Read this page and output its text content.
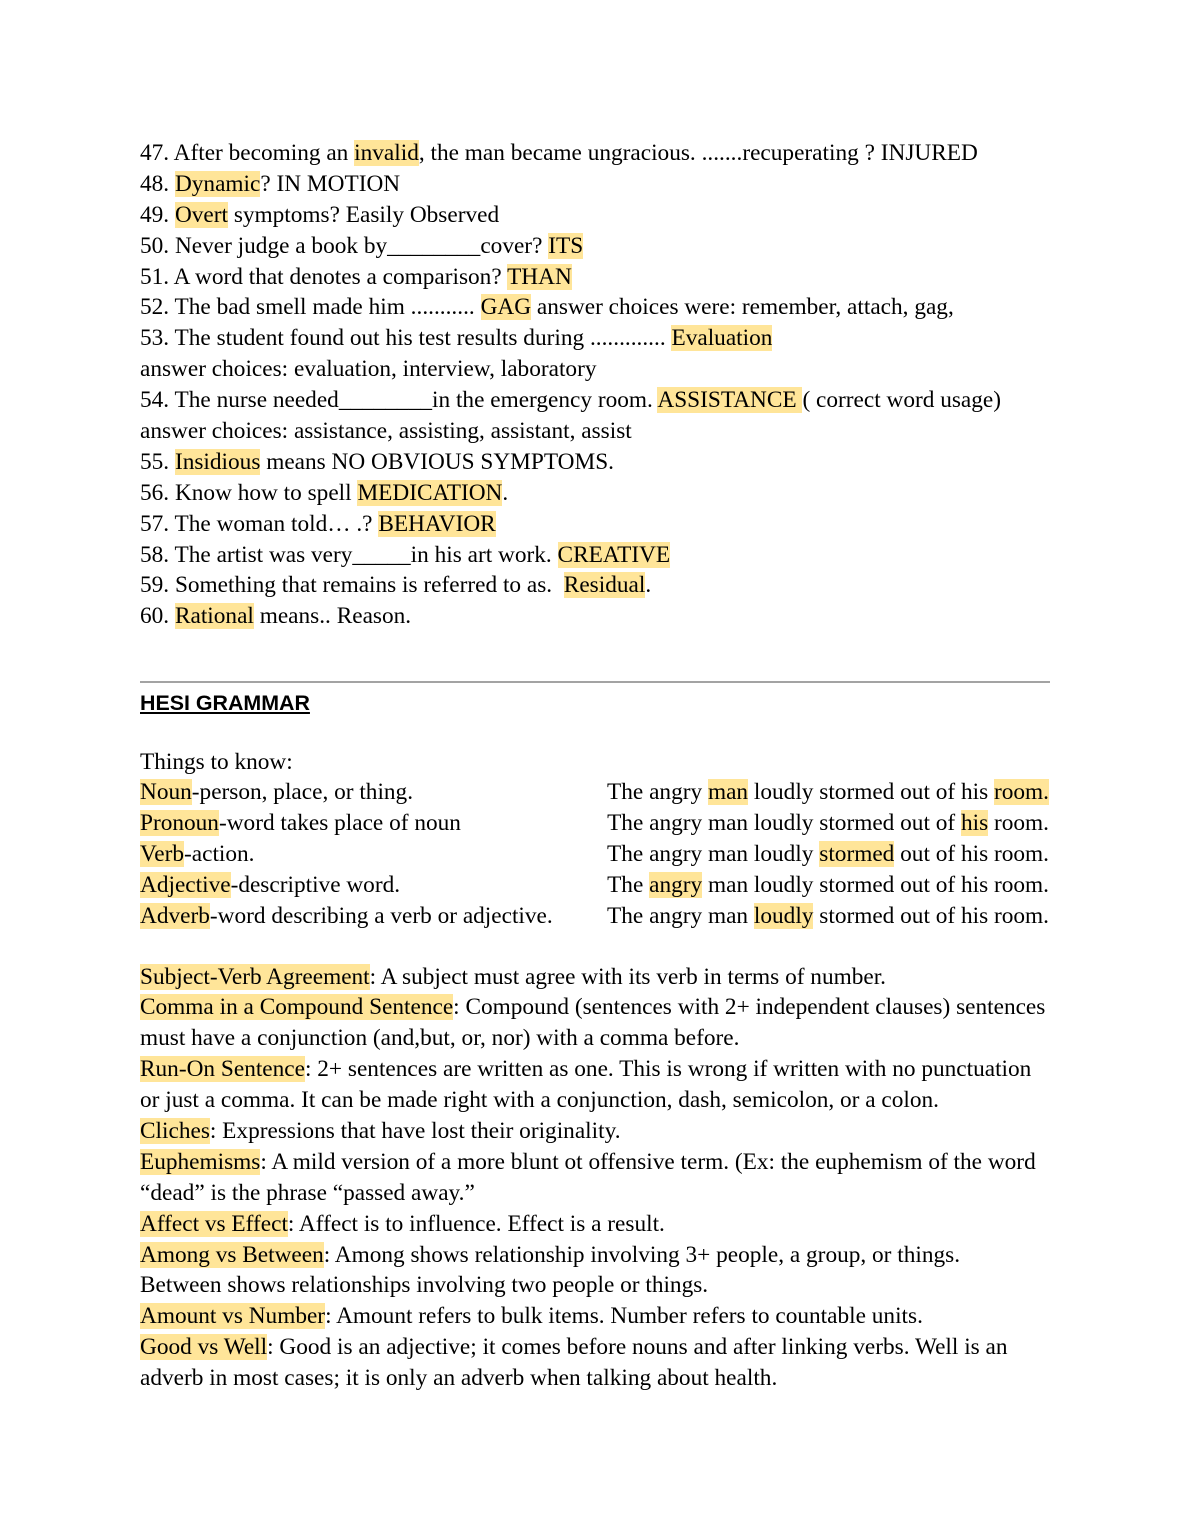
47. After becoming an invalid, the man became ungracious. .......recuperating ? INJURED
48. Dynamic? IN MOTION
49. Overt symptoms? Easily Observed
50. Never judge a book by________cover? ITS
51. A word that denotes a comparison? THAN
52. The bad smell made him ........... GAG answer choices were: remember, attach, gag,
53. The student found out his test results during ............. Evaluation
answer choices: evaluation, interview, laboratory
54. The nurse needed________in the emergency room. ASSISTANCE ( correct word usage)
answer choices: assistance, assisting, assistant, assist
55. Insidious means NO OBVIOUS SYMPTOMS.
56. Know how to spell MEDICATION.
57. The woman told… .? BEHAVIOR
58. The artist was very_____in his art work. CREATIVE
59. Something that remains is referred to as.  Residual.
60. Rational means.. Reason.
HESI GRAMMAR
Things to know:
Noun-person, place, or thing.	The angry man loudly stormed out of his room.
Pronoun-word takes place of noun	The angry man loudly stormed out of his room.
Verb-action.	The angry man loudly stormed out of his room.
Adjective-descriptive word.	The angry man loudly stormed out of his room.
Adverb-word describing a verb or adjective. The angry man loudly stormed out of his room.
Subject-Verb Agreement: A subject must agree with its verb in terms of number.
Comma in a Compound Sentence: Compound (sentences with 2+ independent clauses) sentences
must have a conjunction (and,but, or, nor) with a comma before.
Run-On Sentence: 2+ sentences are written as one. This is wrong if written with no punctuation
or just a comma. It can be made right with a conjunction, dash, semicolon, or a colon.
Cliches: Expressions that have lost their originality.
Euphemisms: A mild version of a more blunt ot offensive term. (Ex: the euphemism of the word
“dead” is the phrase “passed away.”
Affect vs Effect: Affect is to influence. Effect is a result.
Among vs Between: Among shows relationship involving 3+ people, a group, or things.
Between shows relationships involving two people or things.
Amount vs Number: Amount refers to bulk items. Number refers to countable units.
Good vs Well: Good is an adjective; it comes before nouns and after linking verbs. Well is an
adverb in most cases; it is only an adverb when talking about health.
